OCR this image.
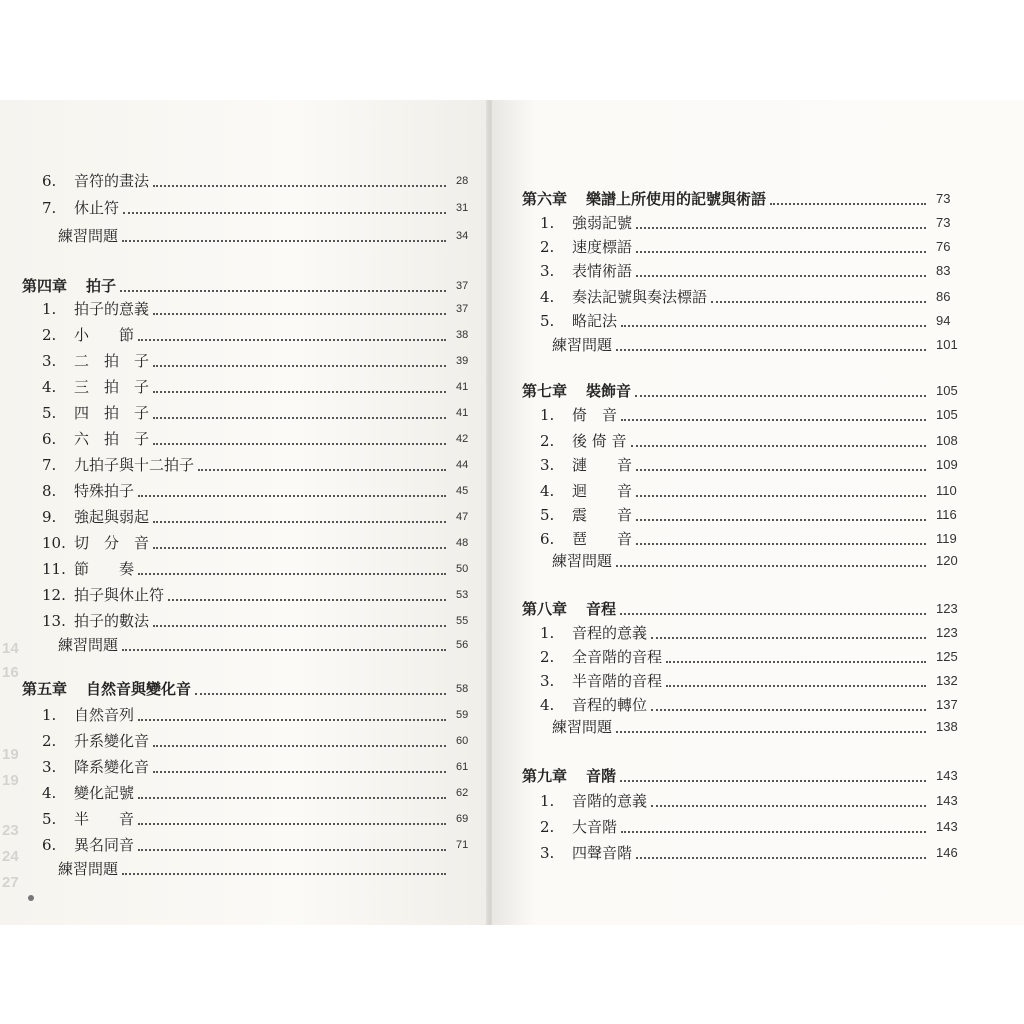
14
16
19
19
23
24
27
6. 音符的畫法	28
7. 休止符	31
練習問題	34
第四章 拍子	37
1. 拍子的意義	37
2. 小　　節	38
3. 二　拍　子	39
4. 三　拍　子	41
5. 四　拍　子	41
6. 六　拍　子	42
7. 九拍子與十二拍子	44
8. 特殊拍子	45
9. 強起與弱起	47
10. 切　分　音	48
11. 節　　奏	50
12. 拍子與休止符	53
13. 拍子的數法	55
練習問題	56
第五章 自然音與變化音	58
1. 自然音列	59
2. 升系變化音	60
3. 降系變化音	61
4. 變化記號	62
5. 半　　音	69
6. 異名同音	71
練習問題
第六章 樂譜上所使用的記號與術語	73
1. 強弱記號	73
2. 速度標語	76
3. 表情術語	83
4. 奏法記號與奏法標語	86
5. 略記法	94
練習問題	101
第七章 裝飾音	105
1. 倚　音	105
2. 後 倚 音	108
3. 漣　　音	109
4. 迴　　音	110
5. 震　　音	116
6. 琶　　音	119
練習問題	120
第八章 音程	123
1. 音程的意義	123
2. 全音階的音程	125
3. 半音階的音程	132
4. 音程的轉位	137
練習問題	138
第九章 音階	143
1. 音階的意義	143
2. 大音階	143
3. 四聲音階	146
